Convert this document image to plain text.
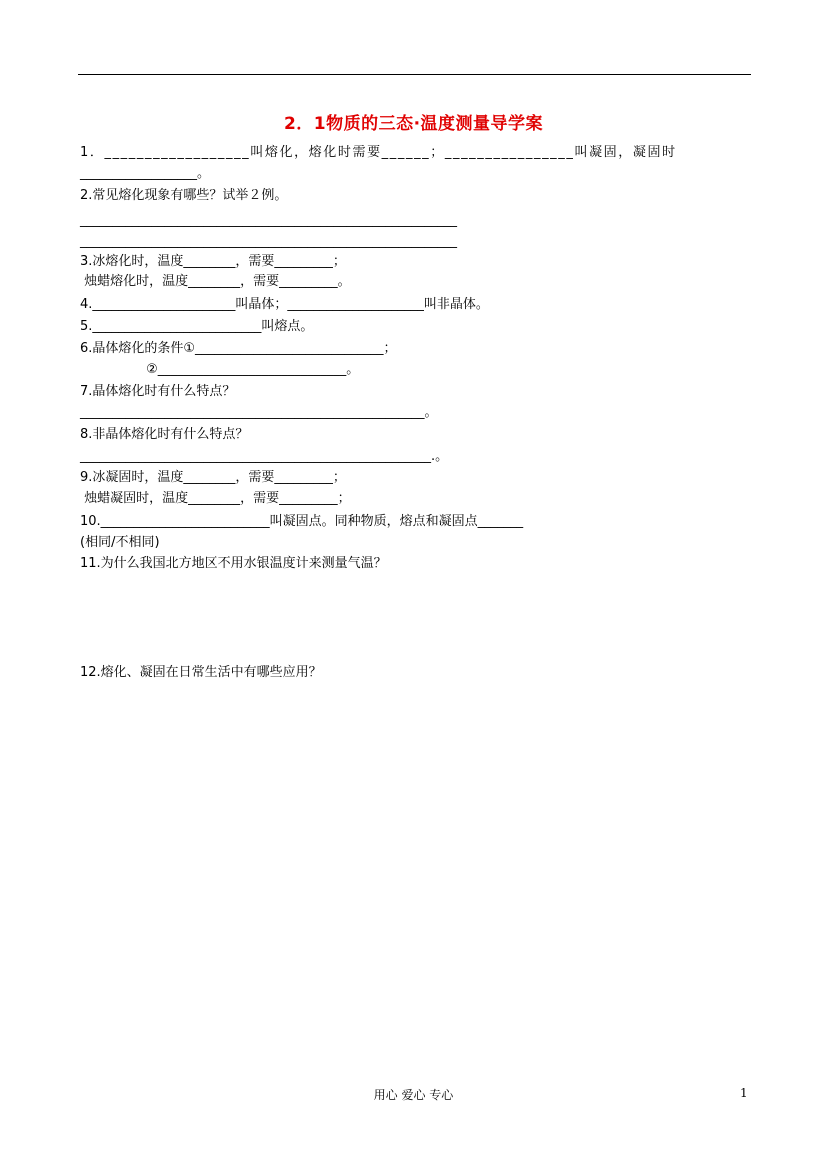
2．1物质的三态·温度测量导学案
1．__________________叫熔化，熔化时需要______；________________叫凝固，凝固时
__________________。
2.常见熔化现象有哪些？试举２例。
__________________________________________________________
__________________________________________________________
3.冰熔化时，温度________，需要_________；
烛蜡熔化时，温度________，需要_________。
4.______________________叫晶体；_____________________叫非晶体。
5.__________________________叫熔点。
6.晶体熔化的条件①_____________________________；
②_____________________________。
7.晶体熔化时有什么特点？
_____________________________________________________。
8.非晶体熔化时有什么特点？
______________________________________________________.。
9.冰凝固时，温度________，需要_________；
烛蜡凝固时，温度________，需要_________；
10.__________________________叫凝固点。同种物质，熔点和凝固点_______
(相同/不相同)
11.为什么我国北方地区不用水银温度计来测量气温？
12.熔化、凝固在日常生活中有哪些应用？
用心 爱心 专心	1
